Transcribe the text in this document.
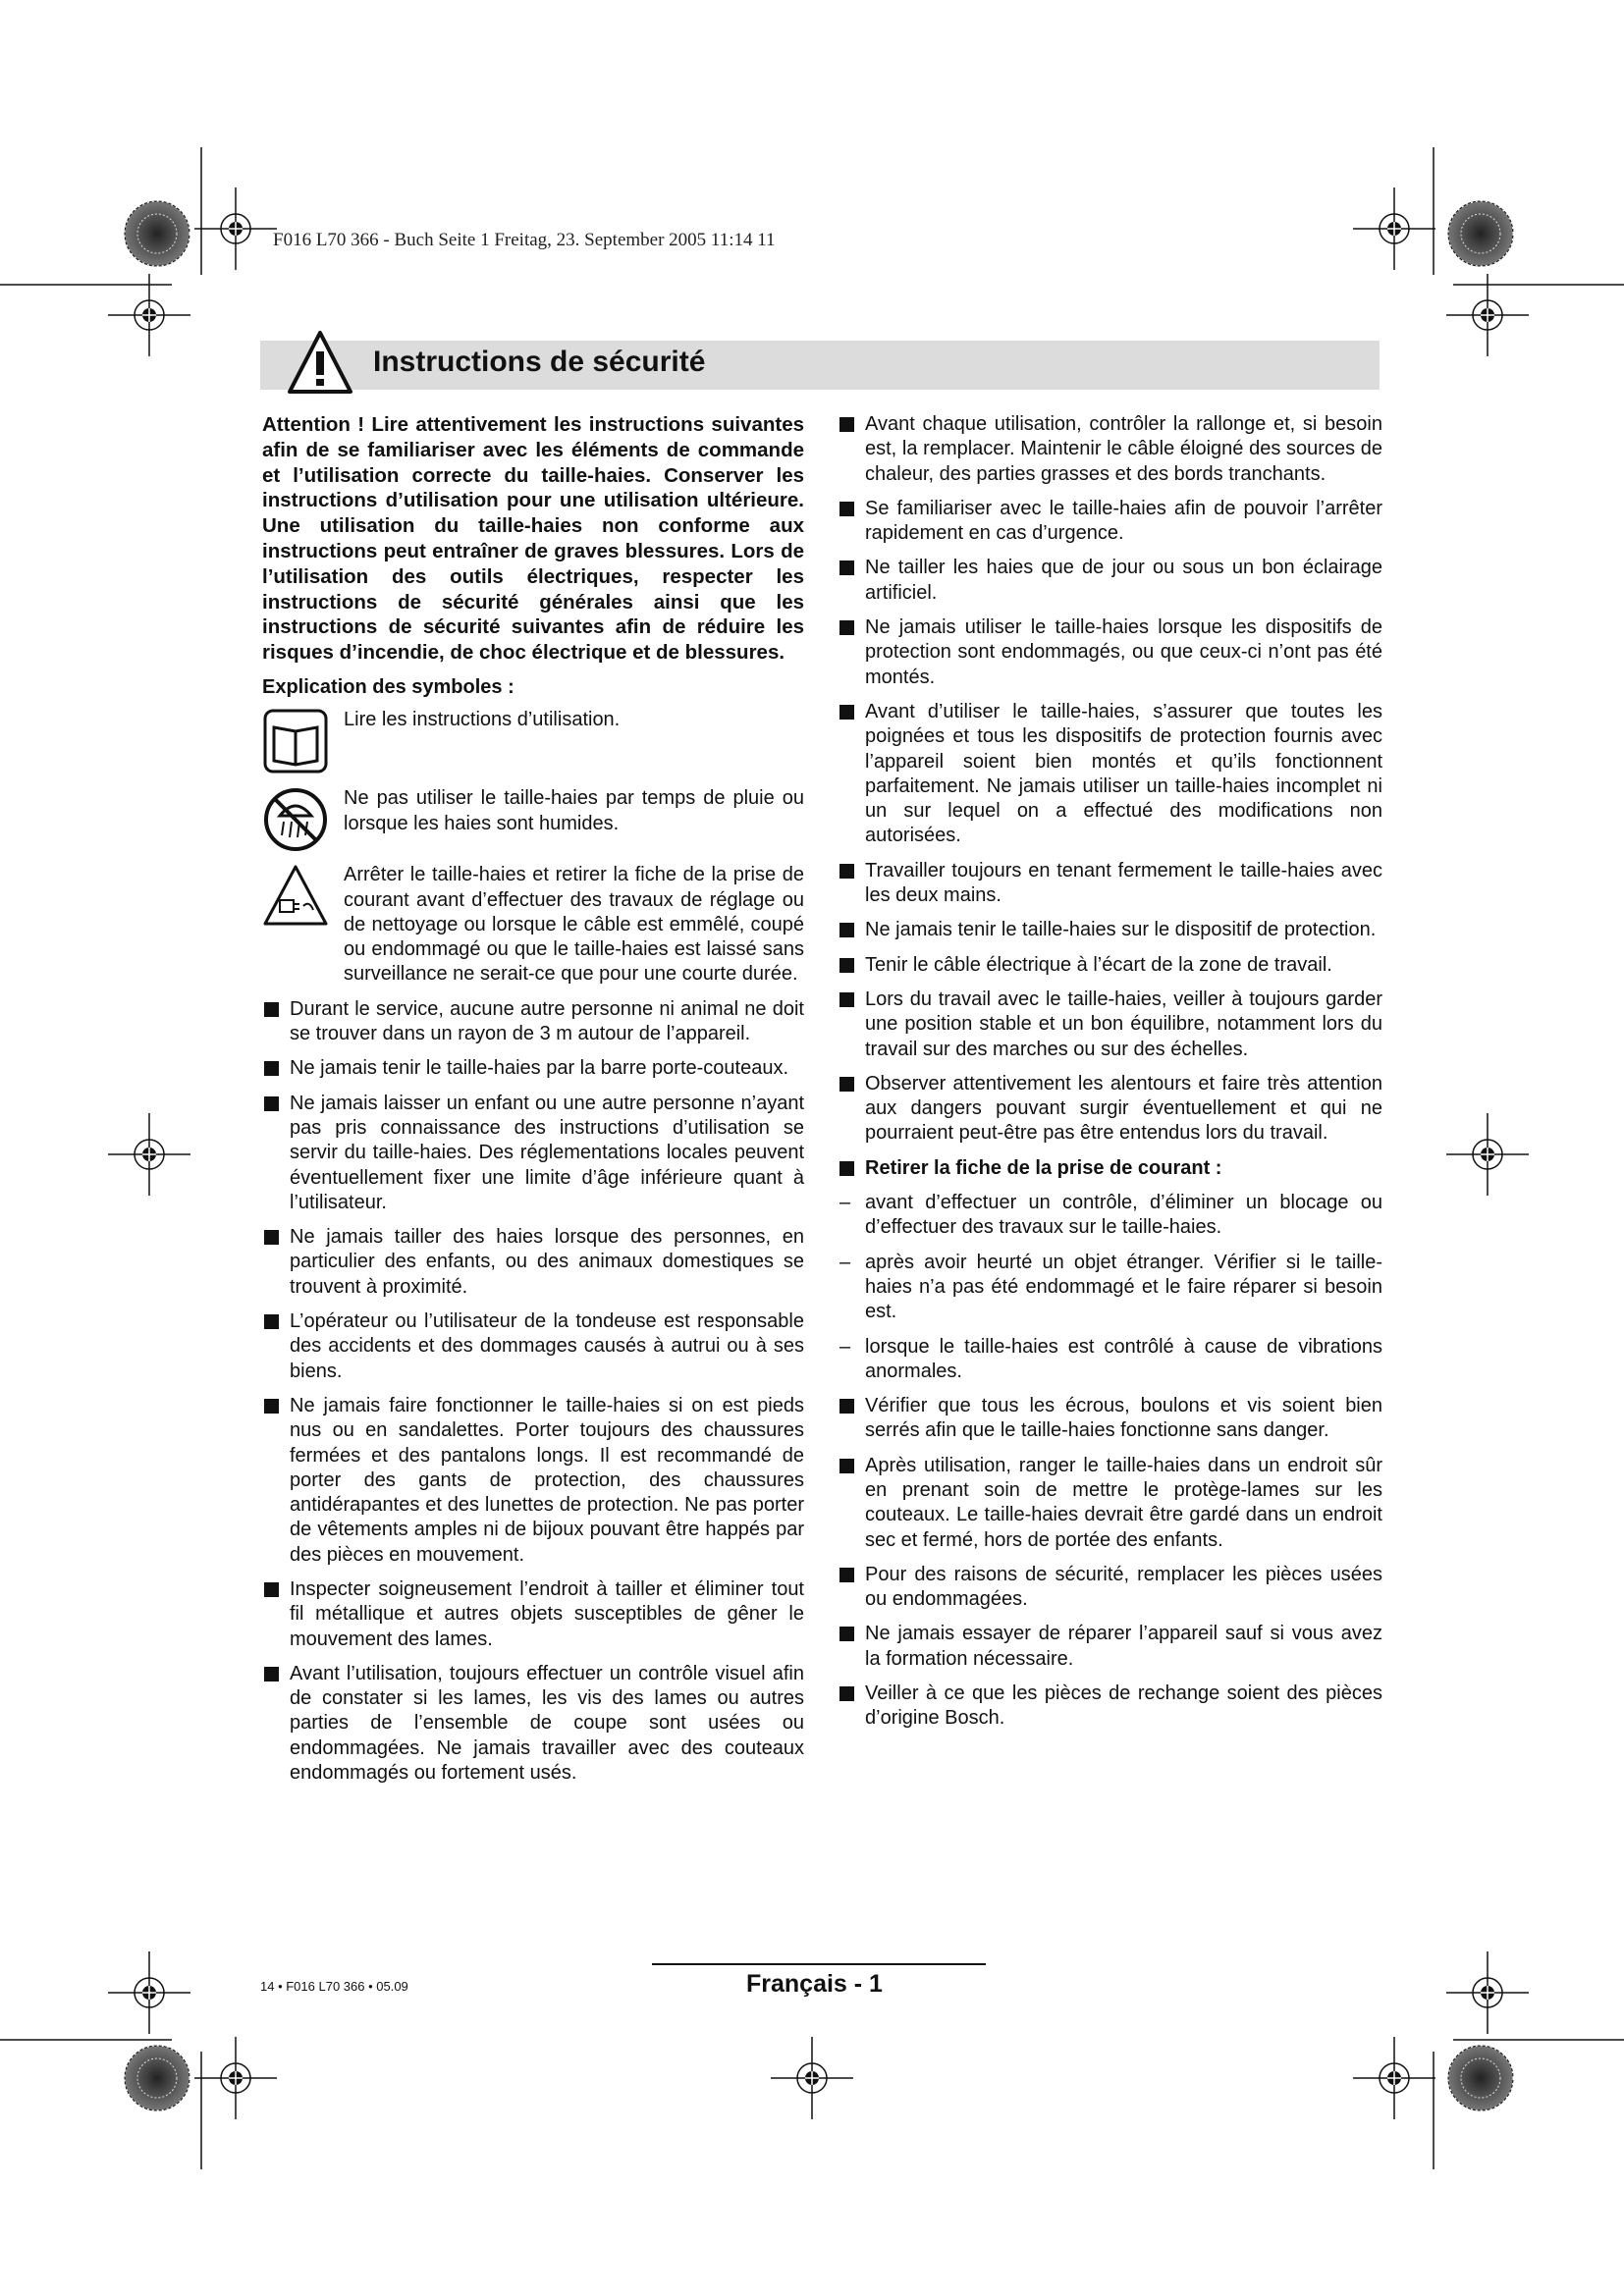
F016 L70 366 - Buch Seite 1 Freitag, 23. September 2005 11:14 11
Instructions de sécurité

Attention ! Lire attentivement les instructions suivantes afin de se familiariser avec les éléments de commande et l’utilisation correcte du taille-haies. Conserver les instructions d’utilisation pour une utilisation ultérieure. Une utilisation du taille-haies non conforme aux instructions peut entraîner de graves blessures. Lors de l’utilisation des outils électriques, respecter les instructions de sécurité générales ainsi que les instructions de sécurité suivantes afin de réduire les risques d’incendie, de choc électrique et de blessures.

Explication des symboles :

Lire les instructions d’utilisation.
Ne pas utiliser le taille-haies par temps de pluie ou lorsque les haies sont humides.
Arrêter le taille-haies et retirer la fiche de la prise de courant avant d’effectuer des travaux de réglage ou de nettoyage ou lorsque le câble est emmêlé, coupé ou endommagé ou que le taille-haies est laissé sans surveillance ne serait-ce que pour une courte durée.
Durant le service, aucune autre personne ni animal ne doit se trouver dans un rayon de 3 m autour de l’appareil.
Ne jamais tenir le taille-haies par la barre porte-couteaux.
Ne jamais laisser un enfant ou une autre personne n’ayant pas pris connaissance des instructions d’utilisation se servir du taille-haies. Des réglementations locales peuvent éventuellement fixer une limite d’âge inférieure quant à l’utilisateur.
Ne jamais tailler des haies lorsque des personnes, en particulier des enfants, ou des animaux domestiques se trouvent à proximité.
L’opérateur ou l’utilisateur de la tondeuse est responsable des accidents et des dommages causés à autrui ou à ses biens.
Ne jamais faire fonctionner le taille-haies si on est pieds nus ou en sandalettes. Porter toujours des chaussures fermées et des pantalons longs. Il est recommandé de porter des gants de protection, des chaussures antidérapantes et des lunettes de protection. Ne pas porter de vêtements amples ni de bijoux pouvant être happés par des pièces en mouvement.
Inspecter soigneusement l’endroit à tailler et éliminer tout fil métallique et autres objets susceptibles de gêner le mouvement des lames.
Avant l’utilisation, toujours effectuer un contrôle visuel afin de constater si les lames, les vis des lames ou autres parties de l’ensemble de coupe sont usées ou endommagées. Ne jamais travailler avec des couteaux endommagés ou fortement usés.
Avant chaque utilisation, contrôler la rallonge et, si besoin est, la remplacer. Maintenir le câble éloigné des sources de chaleur, des parties grasses et des bords tranchants.
Se familiariser avec le taille-haies afin de pouvoir l’arrêter rapidement en cas d’urgence.
Ne tailler les haies que de jour ou sous un bon éclairage artificiel.
Ne jamais utiliser le taille-haies lorsque les dispositifs de protection sont endommagés, ou que ceux-ci n’ont pas été montés.
Avant d’utiliser le taille-haies, s’assurer que toutes les poignées et tous les dispositifs de protection fournis avec l’appareil soient bien montés et qu’ils fonctionnent parfaitement. Ne jamais utiliser un taille-haies incomplet ni un sur lequel on a effectué des modifications non autorisées.
Travailler toujours en tenant fermement le taille-haies avec les deux mains.
Ne jamais tenir le taille-haies sur le dispositif de protection.
Tenir le câble électrique à l’écart de la zone de travail.
Lors du travail avec le taille-haies, veiller à toujours garder une position stable et un bon équilibre, notamment lors du travail sur des marches ou sur des échelles.
Observer attentivement les alentours et faire très attention aux dangers pouvant surgir éventuellement et qui ne pourraient peut-être pas être entendus lors du travail.
Retirer la fiche de la prise de courant :
– avant d’effectuer un contrôle, d’éliminer un blocage ou d’effectuer des travaux sur le taille-haies.
– après avoir heurté un objet étranger. Vérifier si le taille-haies n’a pas été endommagé et le faire réparer si besoin est.
– lorsque le taille-haies est contrôlé à cause de vibrations anormales.
Vérifier que tous les écrous, boulons et vis soient bien serrés afin que le taille-haies fonctionne sans danger.
Après utilisation, ranger le taille-haies dans un endroit sûr en prenant soin de mettre le protège-lames sur les couteaux. Le taille-haies devrait être gardé dans un endroit sec et fermé, hors de portée des enfants.
Pour des raisons de sécurité, remplacer les pièces usées ou endommagées.
Ne jamais essayer de réparer l’appareil sauf si vous avez la formation nécessaire.
Veiller à ce que les pièces de rechange soient des pièces d’origine Bosch.
14 • F016 L70 366 • 05.09	Français - 1
